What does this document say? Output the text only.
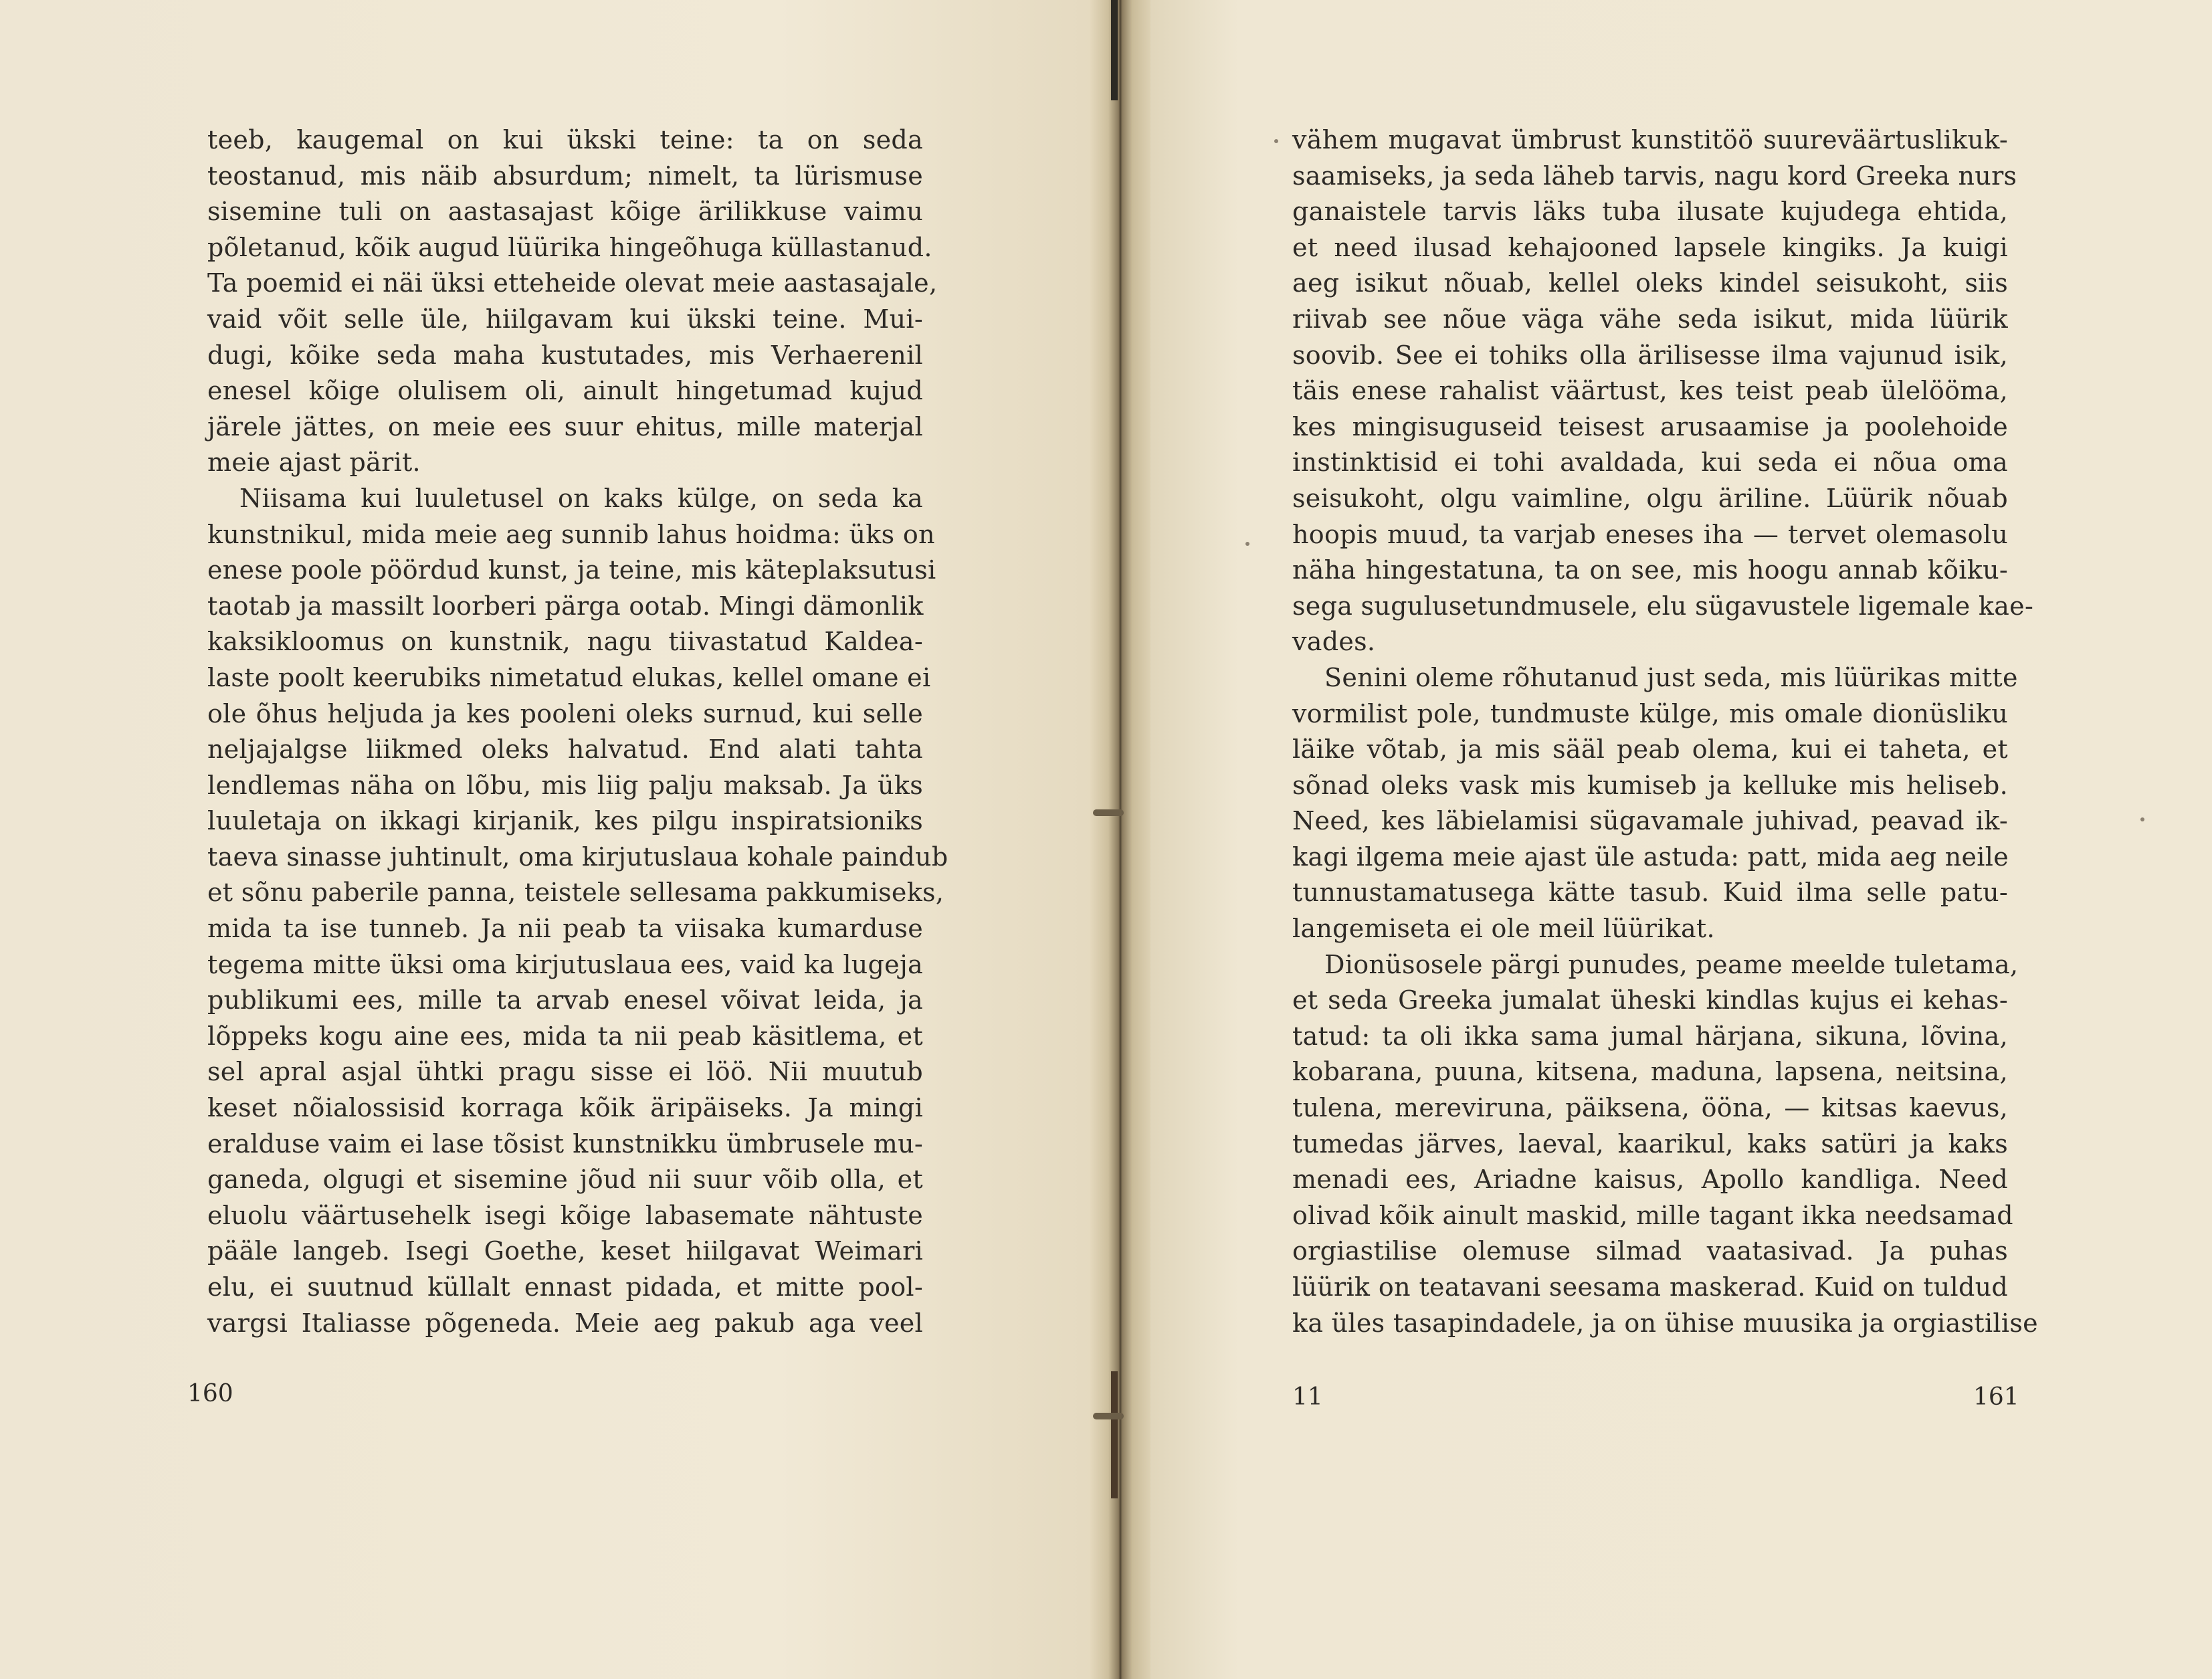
teeb, kaugemal on kui ükski teine: ta on seda
teostanud, mis näib absurdum; nimelt, ta lürismuse
sisemine tuli on aastasajast kõige ärilikkuse vaimu
põletanud, kõik augud lüürika hingeõhuga küllastanud.
Ta poemid ei näi üksi etteheide olevat meie aastasajale,
vaid võit selle üle, hiilgavam kui ükski teine. Mui-
dugi, kõike seda maha kustutades, mis Verhaerenil
enesel kõige olulisem oli, ainult hingetumad kujud
järele jättes, on meie ees suur ehitus, mille materjal
meie ajast pärit.
Niisama kui luuletusel on kaks külge, on seda ka
kunstnikul, mida meie aeg sunnib lahus hoidma: üks on
enese poole pöördud kunst, ja teine, mis käteplaksutusi
taotab ja massilt loorberi pärga ootab. Mingi dämonlik
kaksikloomus on kunstnik, nagu tiivastatud Kaldea-
laste poolt keerubiks nimetatud elukas, kellel omane ei
ole õhus heljuda ja kes pooleni oleks surnud, kui selle
neljajalgse liikmed oleks halvatud. End alati tahta
lendlemas näha on lõbu, mis liig palju maksab. Ja üks
luuletaja on ikkagi kirjanik, kes pilgu inspiratsioniks
taeva sinasse juhtinult, oma kirjutuslaua kohale paindub
et sõnu paberile panna, teistele sellesama pakkumiseks,
mida ta ise tunneb. Ja nii peab ta viisaka kumarduse
tegema mitte üksi oma kirjutuslaua ees, vaid ka lugeja
publikumi ees, mille ta arvab enesel võivat leida, ja
lõppeks kogu aine ees, mida ta nii peab käsitlema, et
sel apral asjal ühtki pragu sisse ei löö. Nii muutub
keset nõialossisid korraga kõik äripäiseks. Ja mingi
eralduse vaim ei lase tõsist kunstnikku ümbrusele mu-
ganeda, olgugi et sisemine jõud nii suur võib olla, et
eluolu väärtusehelk isegi kõige labasemate nähtuste
pääle langeb. Isegi Goethe, keset hiilgavat Weimari
elu, ei suutnud küllalt ennast pidada, et mitte pool-
vargsi Italiasse põgeneda. Meie aeg pakub aga veel
160
vähem mugavat ümbrust kunstitöö suureväärtuslikuk-
saamiseks, ja seda läheb tarvis, nagu kord Greeka nurs
ganaistele tarvis läks tuba ilusate kujudega ehtida,
et need ilusad kehajooned lapsele kingiks. Ja kuigi
aeg isikut nõuab, kellel oleks kindel seisukoht, siis
riivab see nõue väga vähe seda isikut, mida lüürik
soovib. See ei tohiks olla ärilisesse ilma vajunud isik,
täis enese rahalist väärtust, kes teist peab ülelööma,
kes mingisuguseid teisest arusaamise ja poolehoide
instinktisid ei tohi avaldada, kui seda ei nõua oma
seisukoht, olgu vaimline, olgu äriline. Lüürik nõuab
hoopis muud, ta varjab eneses iha — tervet olemasolu
näha hingestatuna, ta on see, mis hoogu annab kõiku-
sega sugulusetundmusele, elu sügavustele ligemale kae-
vades.
Senini oleme rõhutanud just seda, mis lüürikas mitte
vormilist pole, tundmuste külge, mis omale dionüsliku
läike võtab, ja mis sääl peab olema, kui ei taheta, et
sõnad oleks vask mis kumiseb ja kelluke mis heliseb.
Need, kes läbielamisi sügavamale juhivad, peavad ik-
kagi ilgema meie ajast üle astuda: patt, mida aeg neile
tunnustamatusega kätte tasub. Kuid ilma selle patu-
langemiseta ei ole meil lüürikat.
Dionüsosele pärgi punudes, peame meelde tuletama,
et seda Greeka jumalat üheski kindlas kujus ei kehas-
tatud: ta oli ikka sama jumal härjana, sikuna, lõvina,
kobarana, puuna, kitsena, maduna, lapsena, neitsina,
tulena, mereviruna, päiksena, ööna, — kitsas kaevus,
tumedas järves, laeval, kaarikul, kaks satüri ja kaks
menadi ees, Ariadne kaisus, Apollo kandliga. Need
olivad kõik ainult maskid, mille tagant ikka needsamad
orgiastilise olemuse silmad vaatasivad. Ja puhas
lüürik on teatavani seesama maskerad. Kuid on tuldud
ka üles tasapindadele, ja on ühise muusika ja orgiastilise
11	161
